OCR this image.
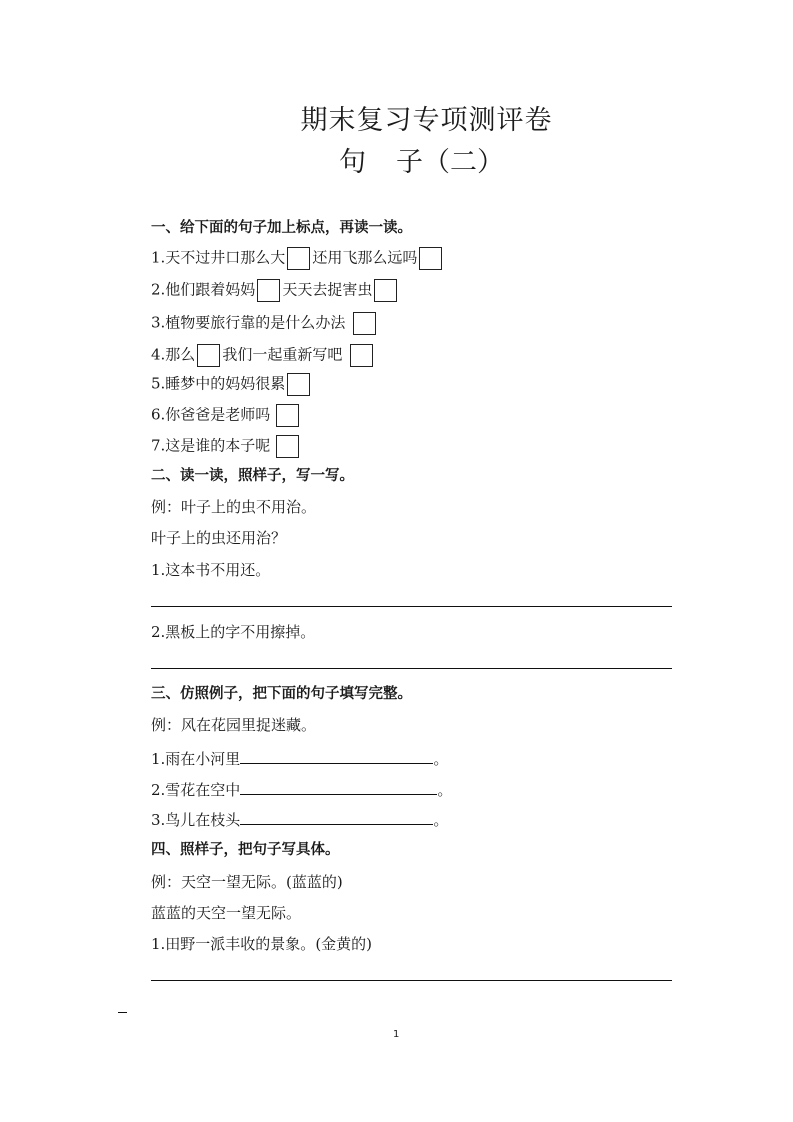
期末复习专项测评卷
句 子（二）
一、给下面的句子加上标点，再读一读。
1.天不过井口那么大 还用飞那么远吗
2.他们跟着妈妈 天天去捉害虫
3.植物要旅行靠的是什么办法
4.那么 我们一起重新写吧
5.睡梦中的妈妈很累
6.你爸爸是老师吗
7.这是谁的本子呢
二、读一读，照样子，写一写。
例：叶子上的虫不用治。
叶子上的虫还用治？
1.这本书不用还。
2.黑板上的字不用擦掉。
三、仿照例子，把下面的句子填写完整。
例：风在花园里捉迷藏。
1.雨在小河里	。
2.雪花在空中	。
3.鸟儿在枝头	。
四、照样子，把句子写具体。
例：天空一望无际。(蓝蓝的)
蓝蓝的天空一望无际。
1.田野一派丰收的景象。(金黄的)
1
